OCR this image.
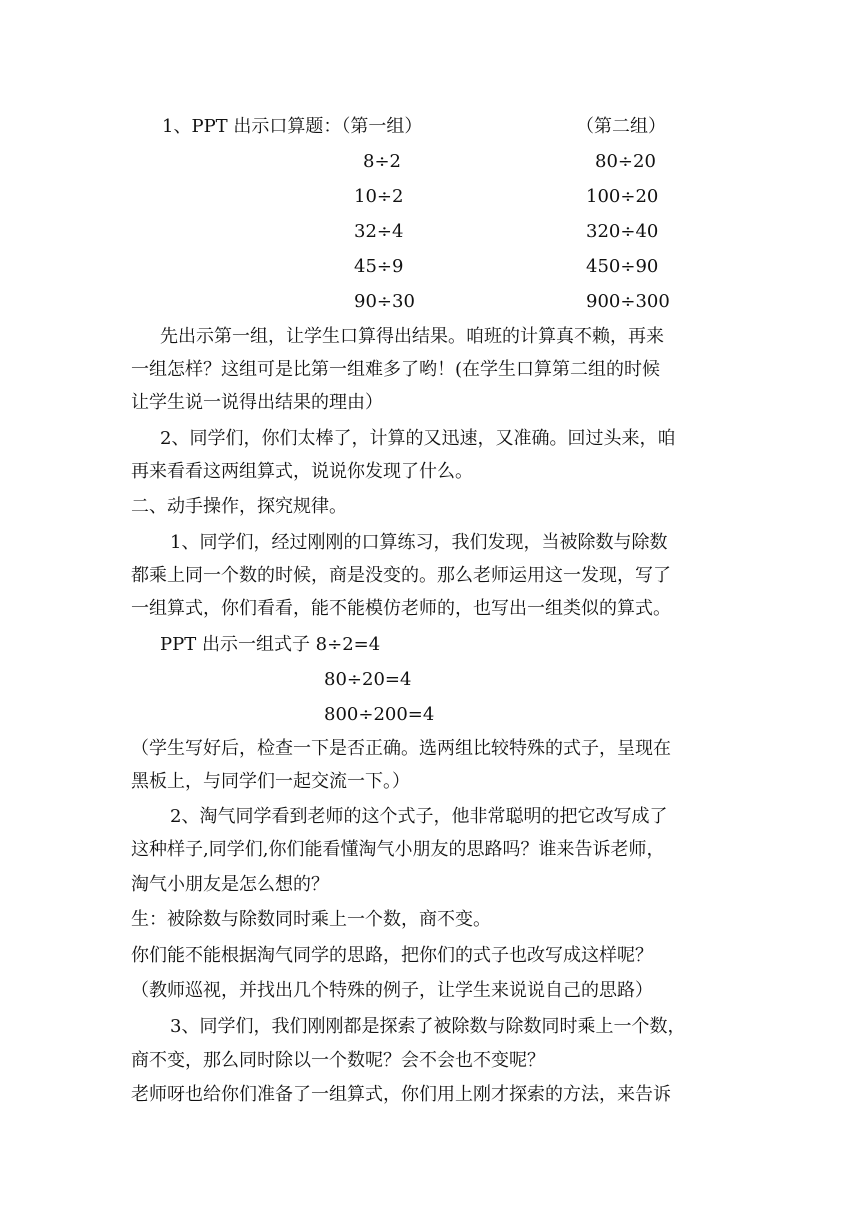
1、PPT 出示口算题：（第一组）	（第二组）
8÷2
10÷2
32÷4
45÷9
90÷30
80÷20
100÷20
320÷40
450÷90
900÷300
先出示第一组，让学生口算得出结果。咱班的计算真不赖，再来
一组怎样？这组可是比第一组难多了哟！(在学生口算第二组的时候
让学生说一说得出结果的理由）
2、同学们，你们太棒了，计算的又迅速，又准确。回过头来，咱
再来看看这两组算式，说说你发现了什么。
二、动手操作，探究规律。
1、同学们，经过刚刚的口算练习，我们发现，当被除数与除数
都乘上同一个数的时候，商是没变的。那么老师运用这一发现，写了
一组算式，你们看看，能不能模仿老师的，也写出一组类似的算式。
PPT 出示一组式子 8÷2=4
80÷20=4
800÷200=4
（学生写好后，检查一下是否正确。选两组比较特殊的式子，呈现在
黑板上，与同学们一起交流一下。）
2、淘气同学看到老师的这个式子，他非常聪明的把它改写成了
这种样子,同学们,你们能看懂淘气小朋友的思路吗？谁来告诉老师，
淘气小朋友是怎么想的？
生：被除数与除数同时乘上一个数，商不变。
你们能不能根据淘气同学的思路，把你们的式子也改写成这样呢？
（教师巡视，并找出几个特殊的例子，让学生来说说自己的思路）
3、同学们，我们刚刚都是探索了被除数与除数同时乘上一个数，
商不变，那么同时除以一个数呢？会不会也不变呢？
老师呀也给你们准备了一组算式，你们用上刚才探索的方法，来告诉
